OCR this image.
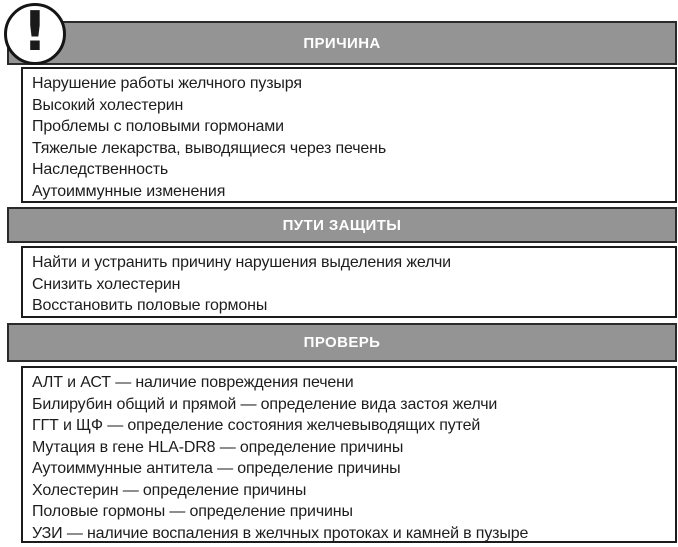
!	ПРИЧИНА
Нарушение работы желчного пузыря
Высокий холестерин
Проблемы с половыми гормонами
Тяжелые лекарства, выводящиеся через печень
Наследственность
Аутоиммунные изменения
ПУТИ ЗАЩИТЫ
Найти и устранить причину нарушения выделения желчи
Снизить холестерин
Восстановить половые гормоны
ПРОВЕРЬ
АЛТ и АСТ — наличие повреждения печени
Билирубин общий и прямой — определение вида застоя желчи
ГГТ и ЩФ — определение состояния желчевыводящих путей
Мутация в гене HLA-DR8 — определение причины
Аутоиммунные антитела — определение причины
Холестерин — определение причины
Половые гормоны — определение причины
УЗИ — наличие воспаления в желчных протоках и камней в пузыре
